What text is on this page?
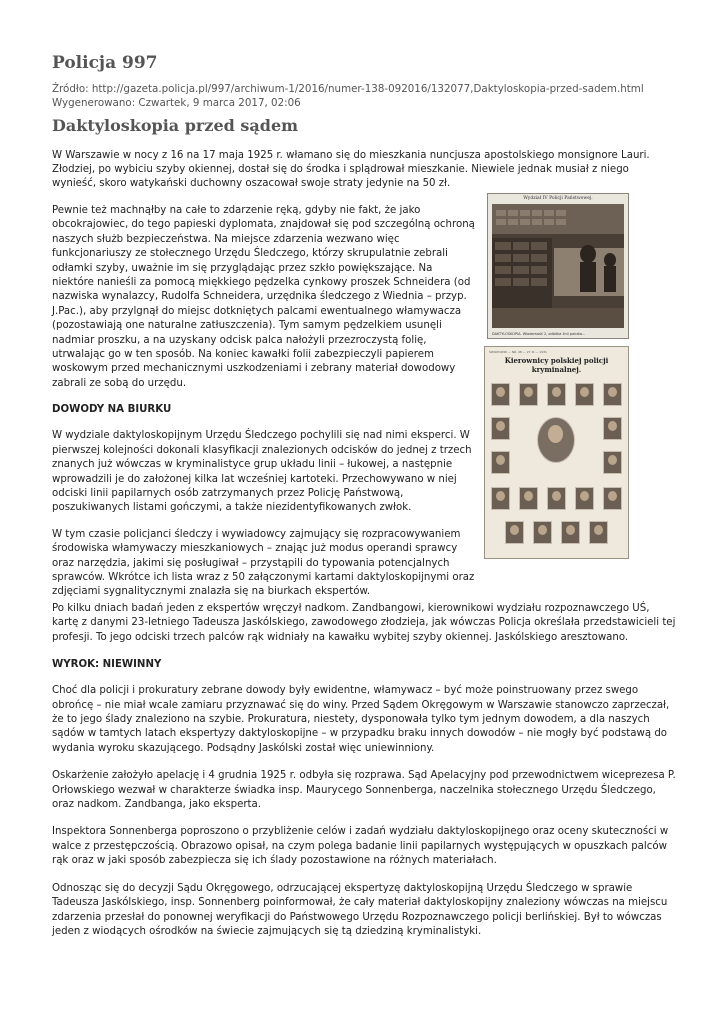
Policja 997
Źródło: http://gazeta.policja.pl/997/archiwum-1/2016/numer-138-092016/132077,Daktyloskopia-przed-sadem.html
Wygenerowano: Czwartek, 9 marca 2017, 02:06
Daktyloskopia przed sądem

W Warszawie w nocy z 16 na 17 maja 1925 r. włamano się do mieszkania nuncjusza apostolskiego monsignore Lauri. Złodziej, po wybiciu szyby okiennej, dostał się do środka i splądrował mieszkanie. Niewiele jednak musiał z niego wynieść, skoro watykański duchowny oszacował swoje straty jedynie na 50 zł.

Pewnie też machnąłby na całe to zdarzenie ręką, gdyby nie fakt, że jako obcokrajowiec, do tego papieski dyplomata, znajdował się pod szczególną ochroną naszych służb bezpieczeństwa. Na miejsce zdarzenia wezwano więc funkcjonariuszy ze stołecznego Urzędu Śledczego, którzy skrupulatnie zebrali odłamki szyby, uważnie im się przyglądając przez szkło powiększające. Na niektóre nanieśli za pomocą miękkiego pędzelka cynkowy proszek Schneidera (od nazwiska wynalazcy, Rudolfa Schneidera, urzędnika śledczego z Wiednia – przyp. J.Pac.), aby przylgnął do miejsc dotkniętych palcami ewentualnego włamywacza (pozostawiają one naturalne zatłuszczenia). Tym samym pędzelkiem usunęli nadmiar proszku, a na uzyskany odcisk palca nałożyli przezroczystą folię, utrwalając go w ten sposób. Na koniec kawałki folii zabezpieczyli papierem woskowym przed mechanicznymi uszkodzeniami i zebrany materiał dowodowy zabrali ze sobą do urzędu.

DOWODY NA BIURKU

W wydziale daktyloskopijnym Urzędu Śledczego pochylili się nad nimi eksperci. W pierwszej kolejności dokonali klasyfikacji znalezionych odcisków do jednej z trzech znanych już wówczas w kryminalistyce grup układu linii – łukowej, a następnie wprowadzili je do założonej kilka lat wcześniej kartoteki. Przechowywano w niej odciski linii papilarnych osób zatrzymanych przez Policję Państwową, poszukiwanych listami gończymi, a także niezidentyfikowanych zwłok.

W tym czasie policjanci śledczy i wywiadowcy zajmujący się rozpracowywaniem środowiska włamywaczy mieszkaniowych – znając już modus operandi sprawcy oraz narzędzia, jakimi się posługiwał – przystąpili do typowania potencjalnych sprawców. Wkrótce ich lista wraz z 50 załączonymi kartami daktyloskopijnymi oraz zdjęciami sygnalitycznymi znalazła się na biurkach ekspertów.

Wydział IV Policji Państwowej.
DAKTYLOSKOPIA. Wiadomość 2, odbitka linii palców...
ŚWIATOWID — NR. 48 — 27 XI — 1931
Kierownicy polskiej policji kryminalnej.

Po kilku dniach badań jeden z ekspertów wręczył nadkom. Zandbangowi, kierownikowi wydziału rozpoznawczego UŚ, kartę z danymi 23-letniego Tadeusza Jaskólskiego, zawodowego złodzieja, jak wówczas Policja określała przedstawicieli tej profesji. To jego odciski trzech palców rąk widniały na kawałku wybitej szyby okiennej. Jaskólskiego aresztowano.

WYROK: NIEWINNY

Choć dla policji i prokuratury zebrane dowody były ewidentne, włamywacz – być może poinstruowany przez swego obrońcę – nie miał wcale zamiaru przyznawać się do winy. Przed Sądem Okręgowym w Warszawie stanowczo zaprzeczał, że to jego ślady znaleziono na szybie. Prokuratura, niestety, dysponowała tylko tym jednym dowodem, a dla naszych sądów w tamtych latach ekspertyzy daktyloskopijne – w przypadku braku innych dowodów – nie mogły być podstawą do wydania wyroku skazującego. Podsądny Jaskólski został więc uniewinniony.

Oskarżenie założyło apelację i 4 grudnia 1925 r. odbyła się rozprawa. Sąd Apelacyjny pod przewodnictwem wiceprezesa P. Orłowskiego wezwał w charakterze świadka insp. Maurycego Sonnenberga, naczelnika stołecznego Urzędu Śledczego, oraz nadkom. Zandbanga, jako eksperta.

Inspektora Sonnenberga poproszono o przybliżenie celów i zadań wydziału daktyloskopijnego oraz oceny skuteczności w walce z przestępczością. Obrazowo opisał, na czym polega badanie linii papilarnych występujących w opuszkach palców rąk oraz w jaki sposób zabezpiecza się ich ślady pozostawione na różnych materiałach.

Odnosząc się do decyzji Sądu Okręgowego, odrzucającej ekspertyzę daktyloskopijną Urzędu Śledczego w sprawie Tadeusza Jaskólskiego, insp. Sonnenberg poinformował, że cały materiał daktyloskopijny znaleziony wówczas na miejscu zdarzenia przesłał do ponownej weryfikacji do Państwowego Urzędu Rozpoznawczego policji berlińskiej. Był to wówczas jeden z wiodących ośrodków na świecie zajmujących się tą dziedziną kryminalistyki.
